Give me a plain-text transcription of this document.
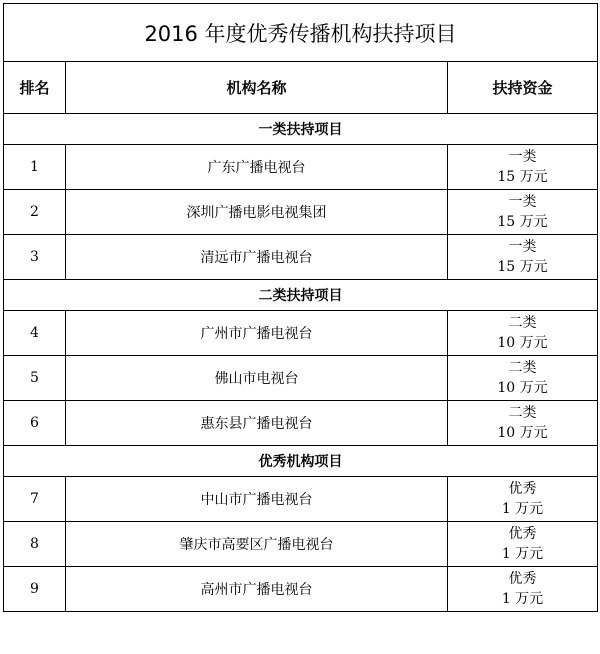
2016 年度优秀传播机构扶持项目		
排名	机构名称	扶持资金
一类扶持项目		
1	广东广播电视台	一类
15 万元

2	深圳广播电影电视集团	一类
15 万元

3	清远市广播电视台	一类
15 万元

二类扶持项目		
4	广州市广播电视台	二类
10 万元

5	佛山市电视台	二类
10 万元

6	惠东县广播电视台	二类
10 万元

优秀机构项目		
7	中山市广播电视台	优秀
1 万元

8	肇庆市高要区广播电视台	优秀
1 万元

9	高州市广播电视台	优秀
1 万元
